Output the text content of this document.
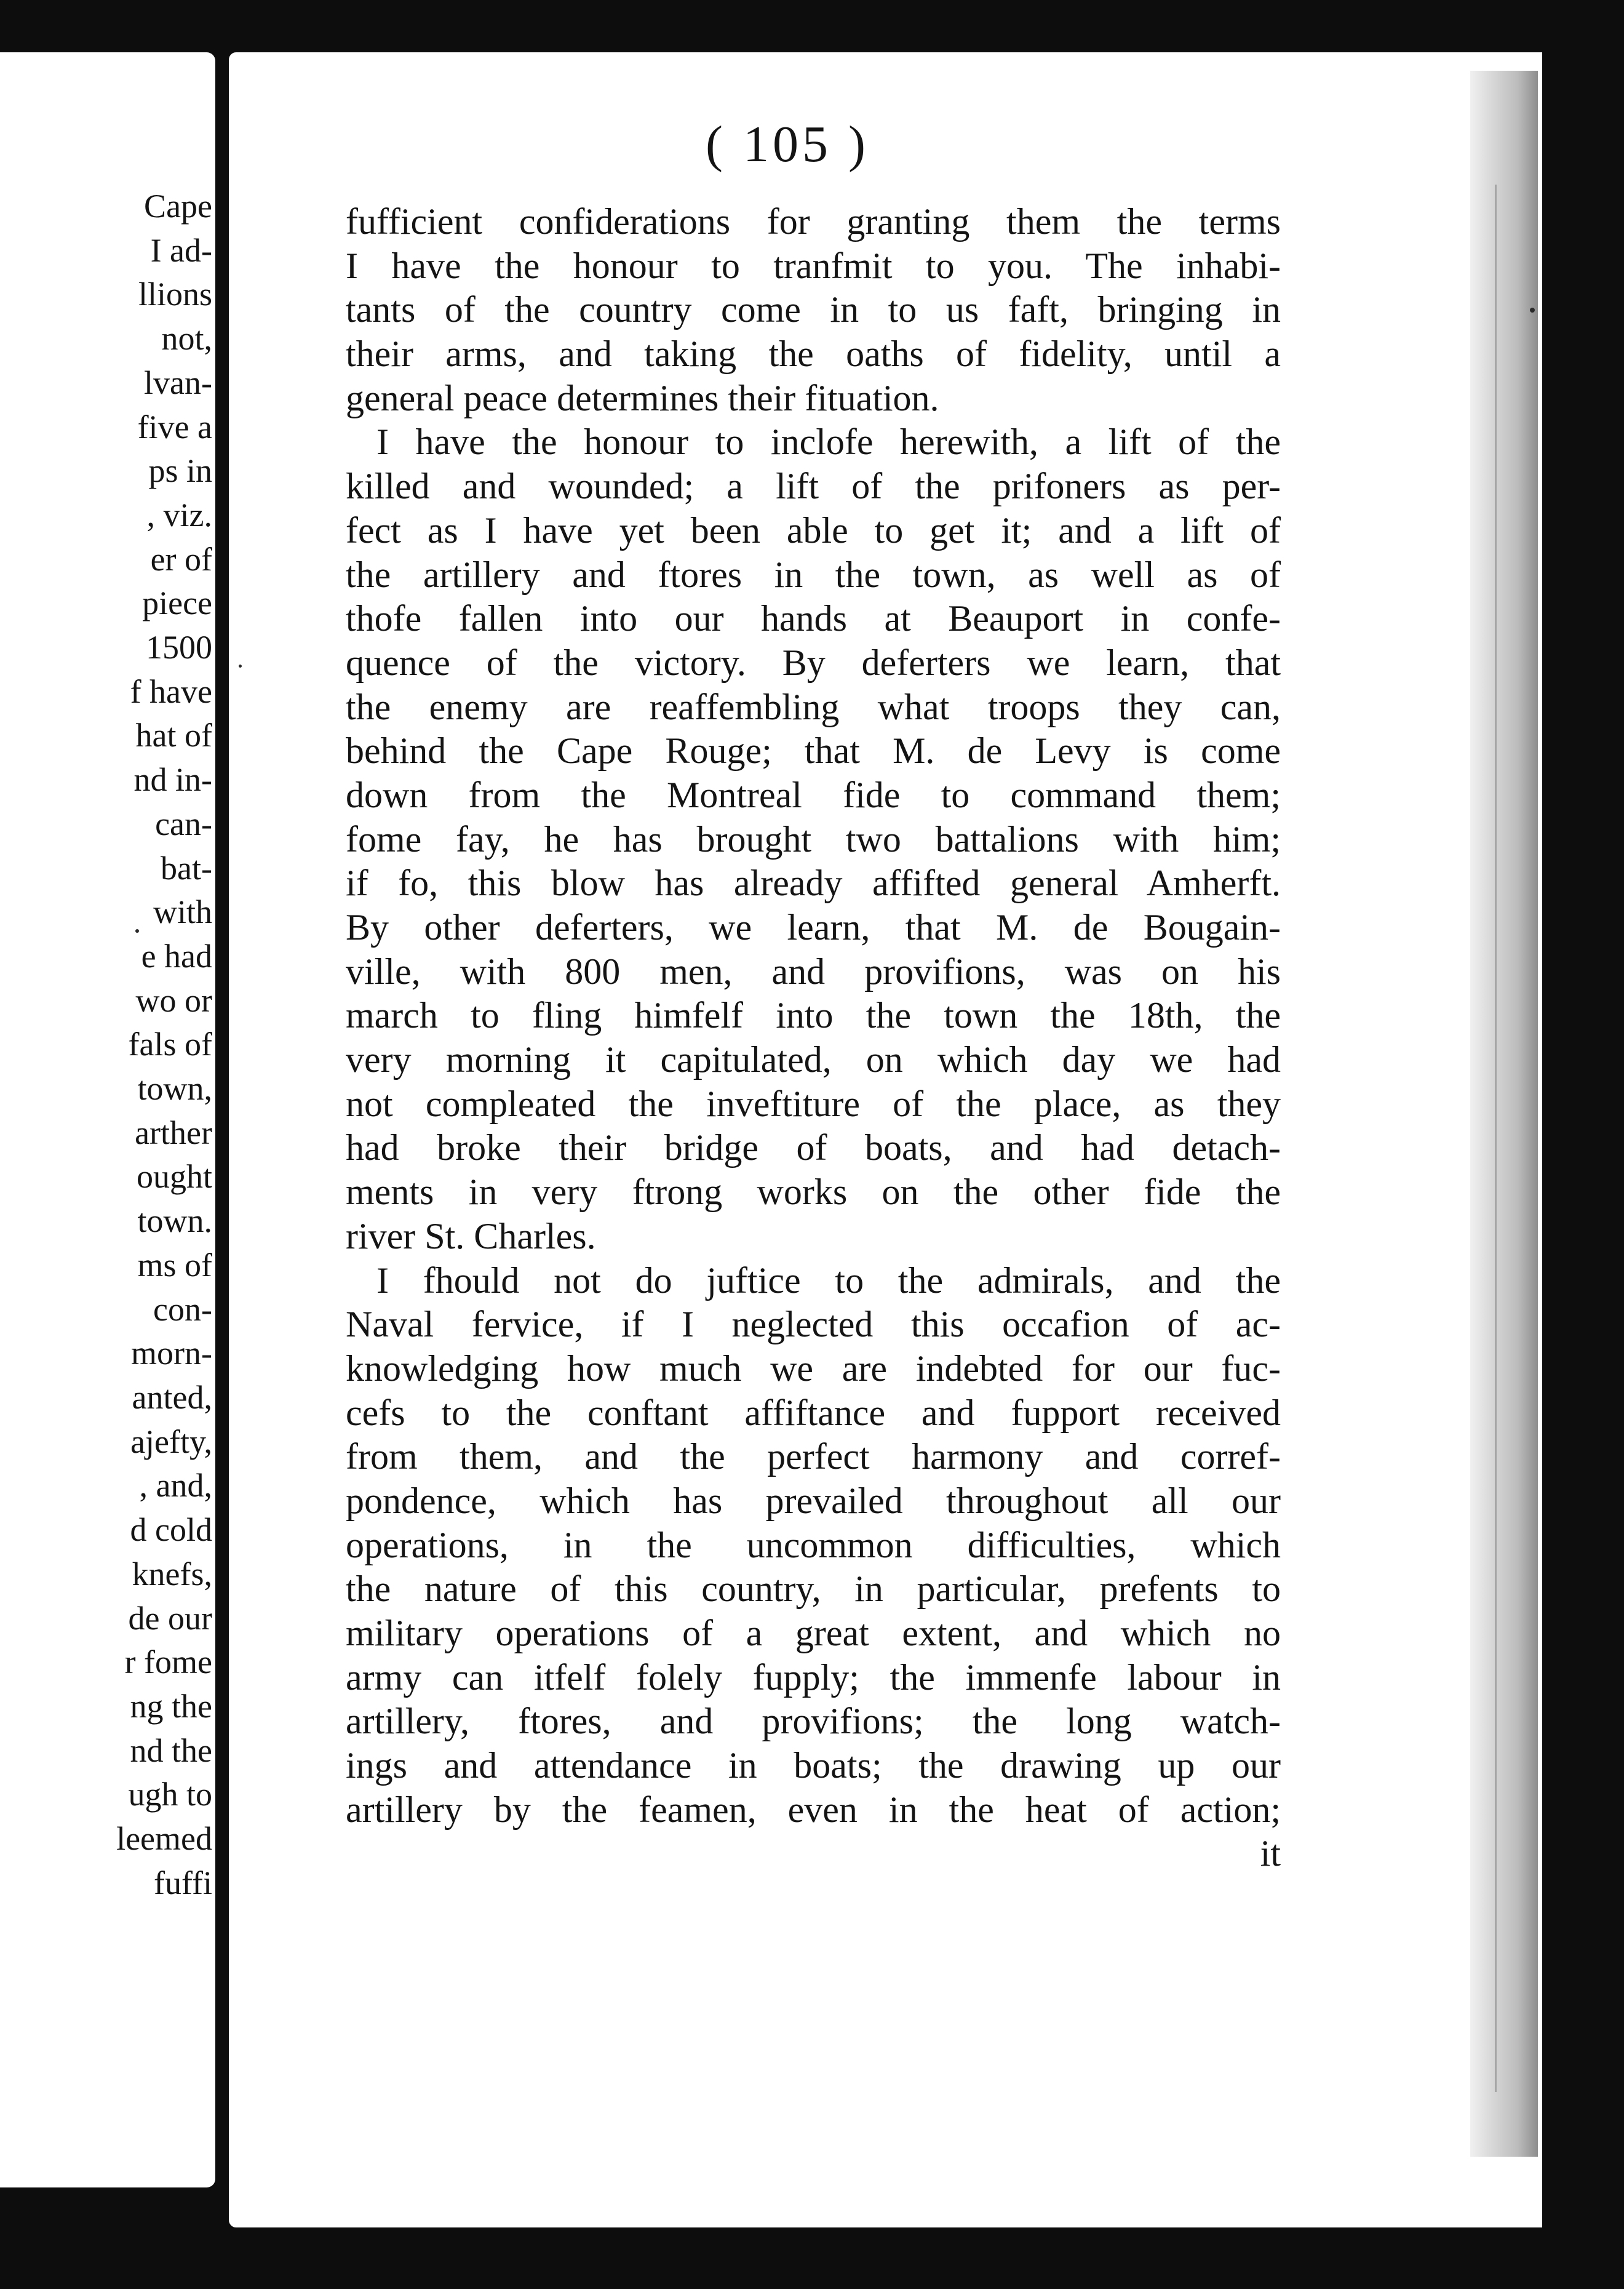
Cape
I ad-
llions
not,
lvan-
five a
ps in
, viz.
er of
piece
1500
f have
hat of
nd in-
can-
bat-
with
e had
wo or
fals of
town,
arther
ought
town.
ms of
con-
morn-
anted,
ajefty,
, and,
d cold
knefs,
de our
r fome
ng the
nd the
ugh to
leemed
fuffi
( 105 )
fufficient confiderations for granting them the terms
I have the honour to tranfmit to you. The inhabi-
tants of the country come in to us faft, bringing in
their arms, and taking the oaths of fidelity, until a
general peace determines their fituation.
I have the honour to inclofe herewith, a lift of the
killed and wounded; a lift of the prifoners as per-
fect as I have yet been able to get it; and a lift of
the artillery and ftores in the town, as well as of
thofe fallen into our hands at Beauport in confe-
quence of the victory. By deferters we learn, that
the enemy are reaffembling what troops they can,
behind the Cape Rouge; that M. de Levy is come
down from the Montreal fide to command them;
fome fay, he has brought two battalions with him;
if fo, this blow has already affifted general Amherft.
By other deferters, we learn, that M. de Bougain-
ville, with 800 men, and provifions, was on his
march to fling himfelf into the town the 18th, the
very morning it capitulated, on which day we had
not compleated the inveftiture of the place, as they
had broke their bridge of boats, and had detach-
ments in very ftrong works on the other fide the
river St. Charles.
I fhould not do juftice to the admirals, and the
Naval fervice, if I neglected this occafion of ac-
knowledging how much we are indebted for our fuc-
cefs to the conftant affiftance and fupport received
from them, and the perfect harmony and corref-
pondence, which has prevailed throughout all our
operations, in the uncommon difficulties, which
the nature of this country, in particular, prefents to
military operations of a great extent, and which no
army can itfelf folely fupply; the immenfe labour in
artillery, ftores, and provifions; the long watch-
ings and attendance in boats; the drawing up our
artillery by the feamen, even in the heat of action;
it
